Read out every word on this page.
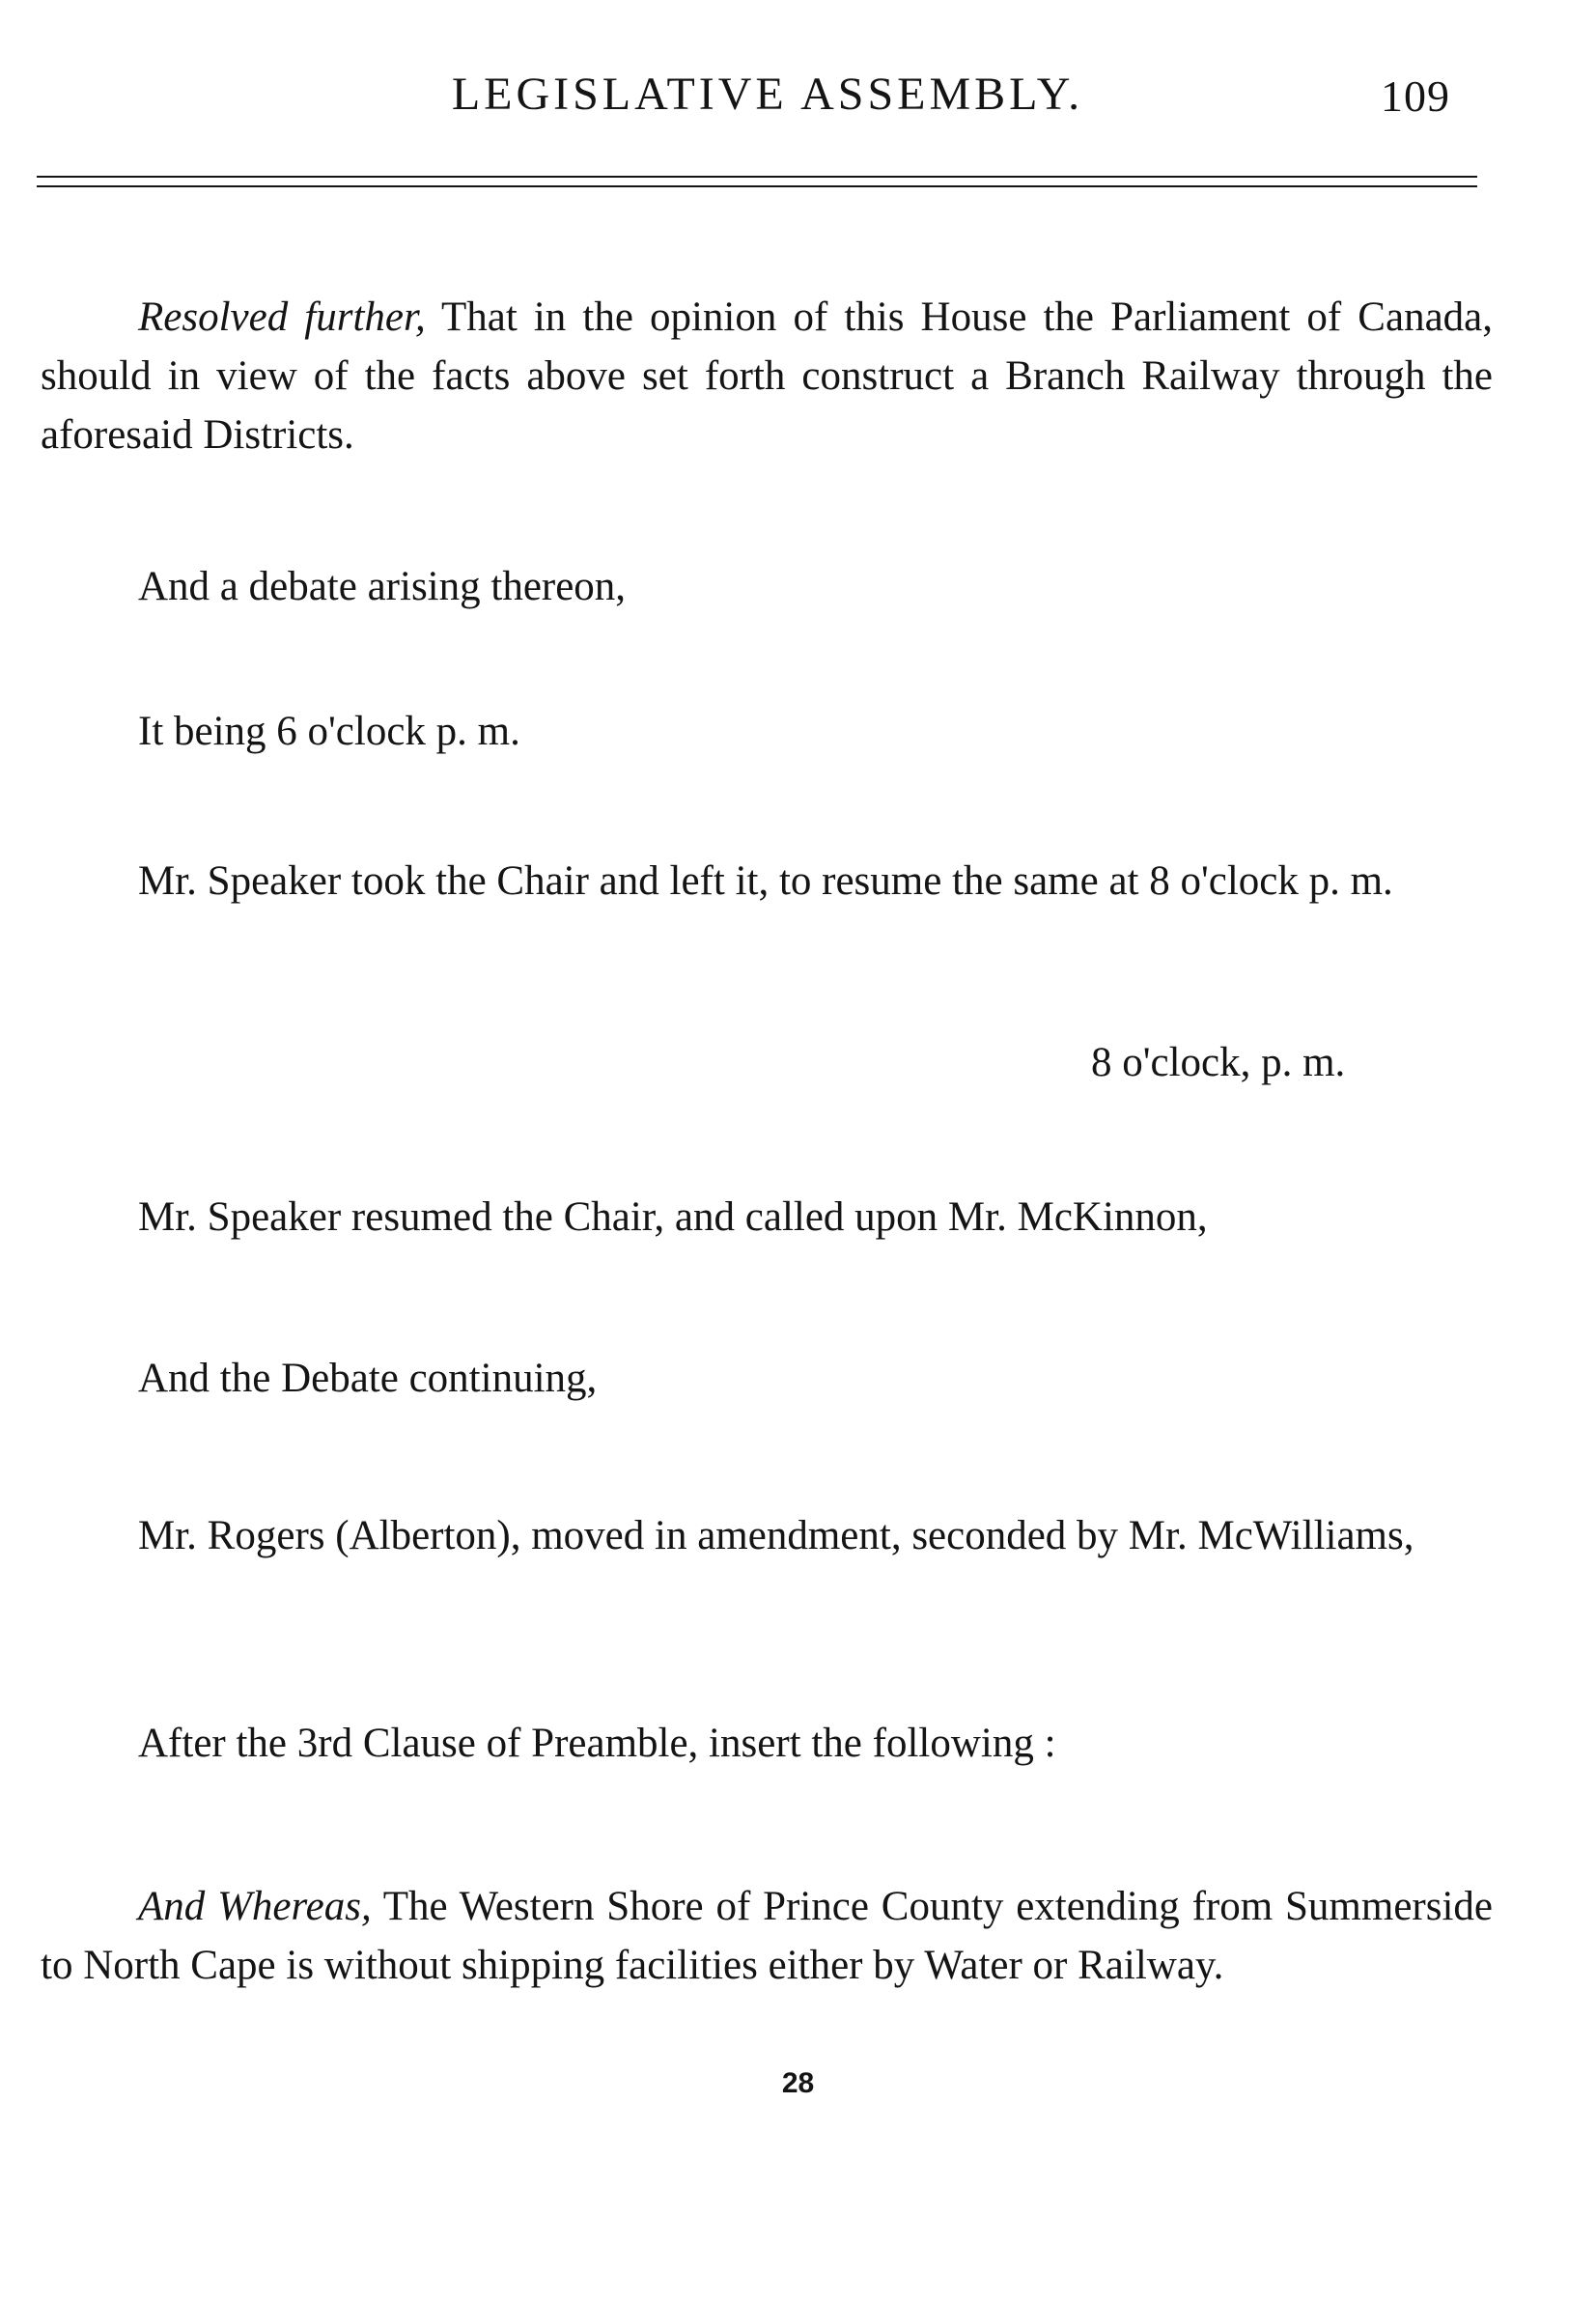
LEGISLATIVE ASSEMBLY.	109

Resolved further, That in the opinion of this House the Parliament of Canada, should in view of the facts above set forth construct a Branch Railway through the aforesaid Districts.

And a debate arising thereon,

It being 6 o'clock p. m.

Mr. Speaker took the Chair and left it, to resume the same at 8 o'clock p. m.

8 o'clock, p. m.

Mr. Speaker resumed the Chair, and called upon Mr. McKinnon,

And the Debate continuing,

Mr. Rogers (Alberton), moved in amendment, seconded by Mr. McWilliams,

After the 3rd Clause of Preamble, insert the following :

And Whereas, The Western Shore of Prince County extending from Summerside to North Cape is without shipping facilities either by Water or Railway.

28
